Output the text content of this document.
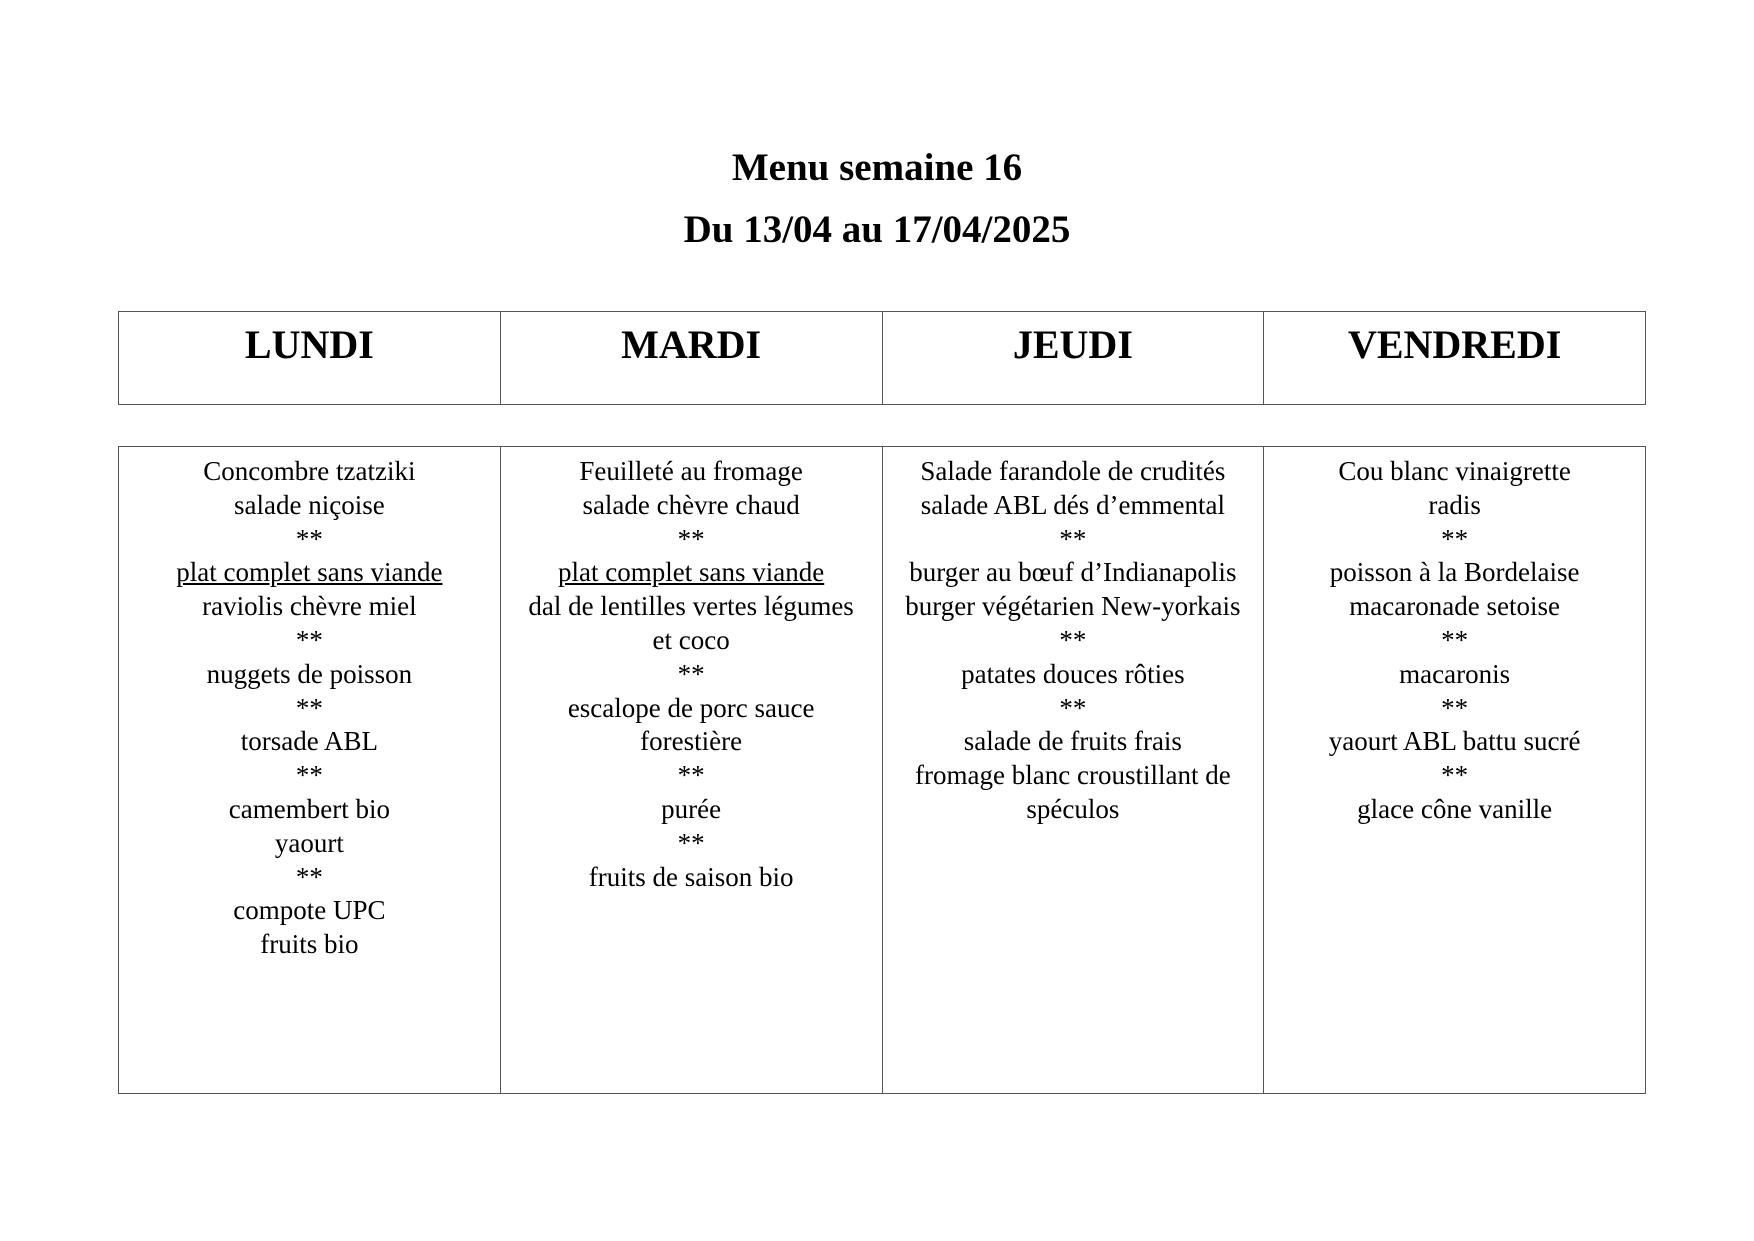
Menu semaine 16
Du 13/04 au 17/04/2025
LUNDI	MARDI	JEUDI	VENDREDI
Concombre tzatziki
salade niçoise
**
plat complet sans viande
raviolis chèvre miel
**
nuggets de poisson
**
torsade ABL
**
camembert bio
yaourt
**
compote UPC
fruits bio

Feuilleté au fromage
salade chèvre chaud
**
plat complet sans viande
dal de lentilles vertes légumes
et coco
**
escalope de porc sauce
forestière
**
purée
**
fruits de saison bio

Salade farandole de crudités
salade ABL dés d’emmental
**
burger au bœuf d’Indianapolis
burger végétarien New-yorkais
**
patates douces rôties
**
salade de fruits frais
fromage blanc croustillant de
spéculos

Cou blanc vinaigrette
radis
**
poisson à la Bordelaise
macaronade setoise
**
macaronis
**
yaourt ABL battu sucré
**
glace cône vanille
